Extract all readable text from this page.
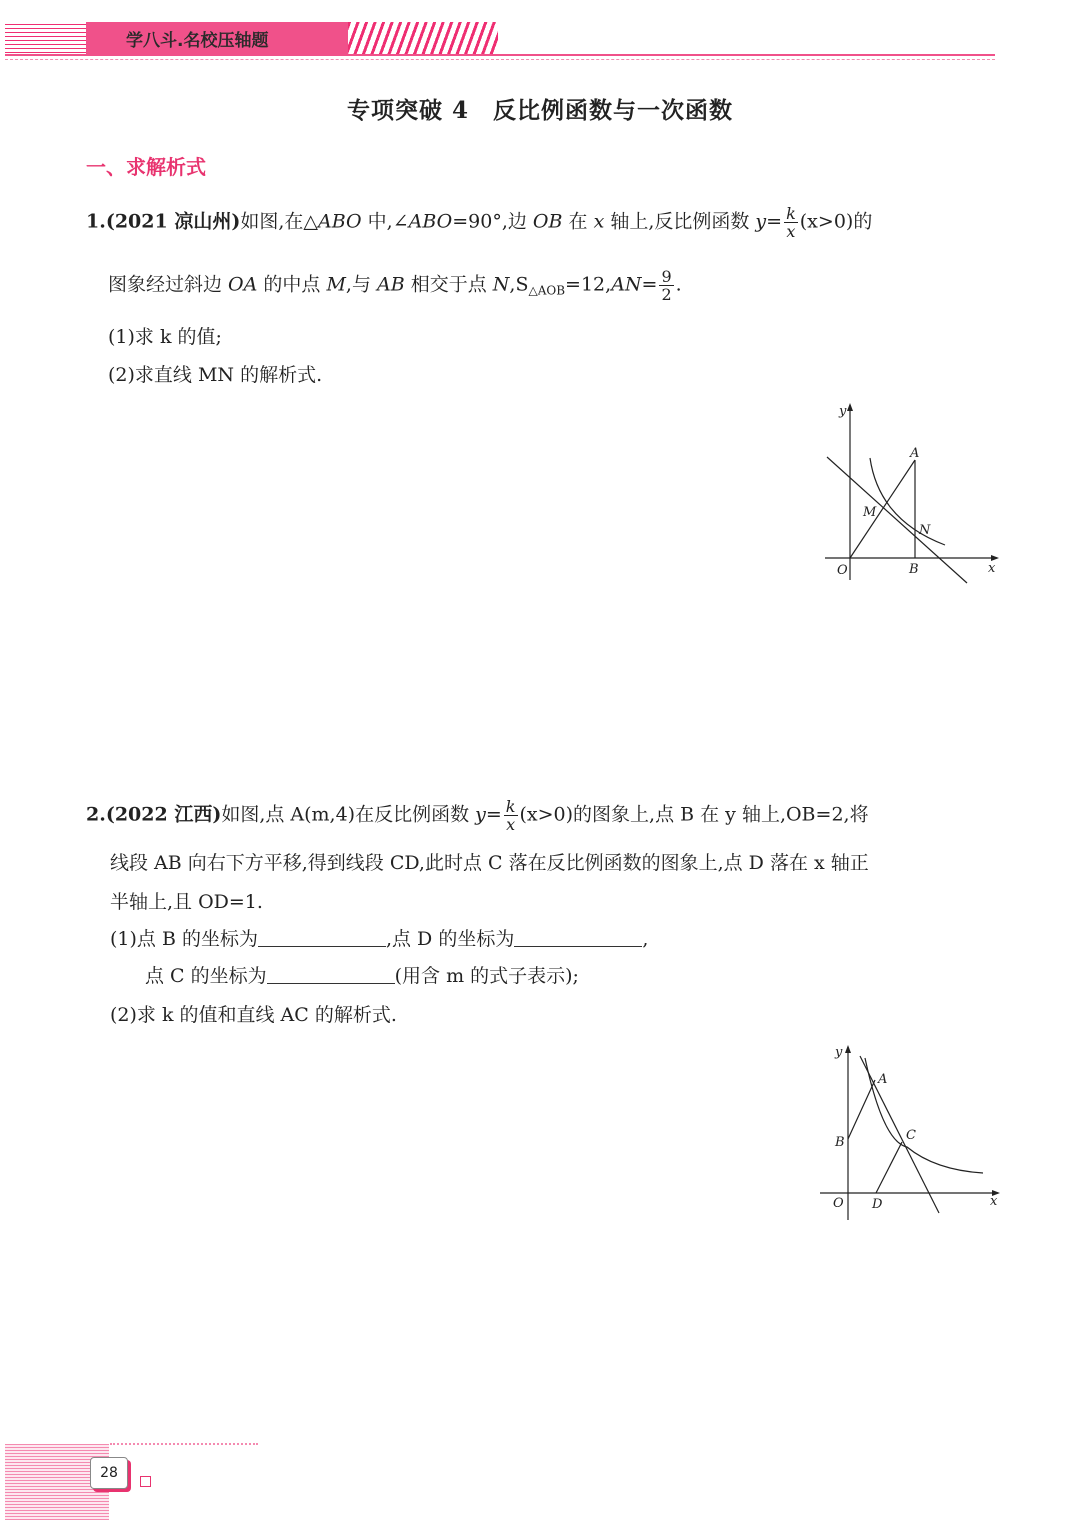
学八斗.名校压轴题
专项突破 4　反比例函数与一次函数
一、求解析式
1.(2021 凉山州)如图,在△ABO 中,∠ABO=90°,边 OB 在 x 轴上,反比例函数 $y= \frac{k}{x} (x>0)$的
图象经过斜边 OA 的中点 M,与 AB 相交于点 $N,S_{\triangle AOB}=12,AN= \frac{9}{2}$ .
(1)求 k 的值;
(2)求直线 MN 的解析式.
y
x
O
A
B
M
N
2.(2022 江西)如图,点 A(m,4)在反比例函数 $y= \frac{k}{x} (x>0)$的图象上,点 B 在 y 轴上,OB=2,将
线段 AB 向右下方平移,得到线段 CD,此时点 C 落在反比例函数的图象上,点 D 落在 x 轴正
半轴上,且 OD=1.
(1)点 B 的坐标为	,点 D 的坐标为	,
点 C 的坐标为	(用含 m 的式子表示);
(2)求 k 的值和直线 AC 的解析式.
y
x
O
A
B	C
D
28
